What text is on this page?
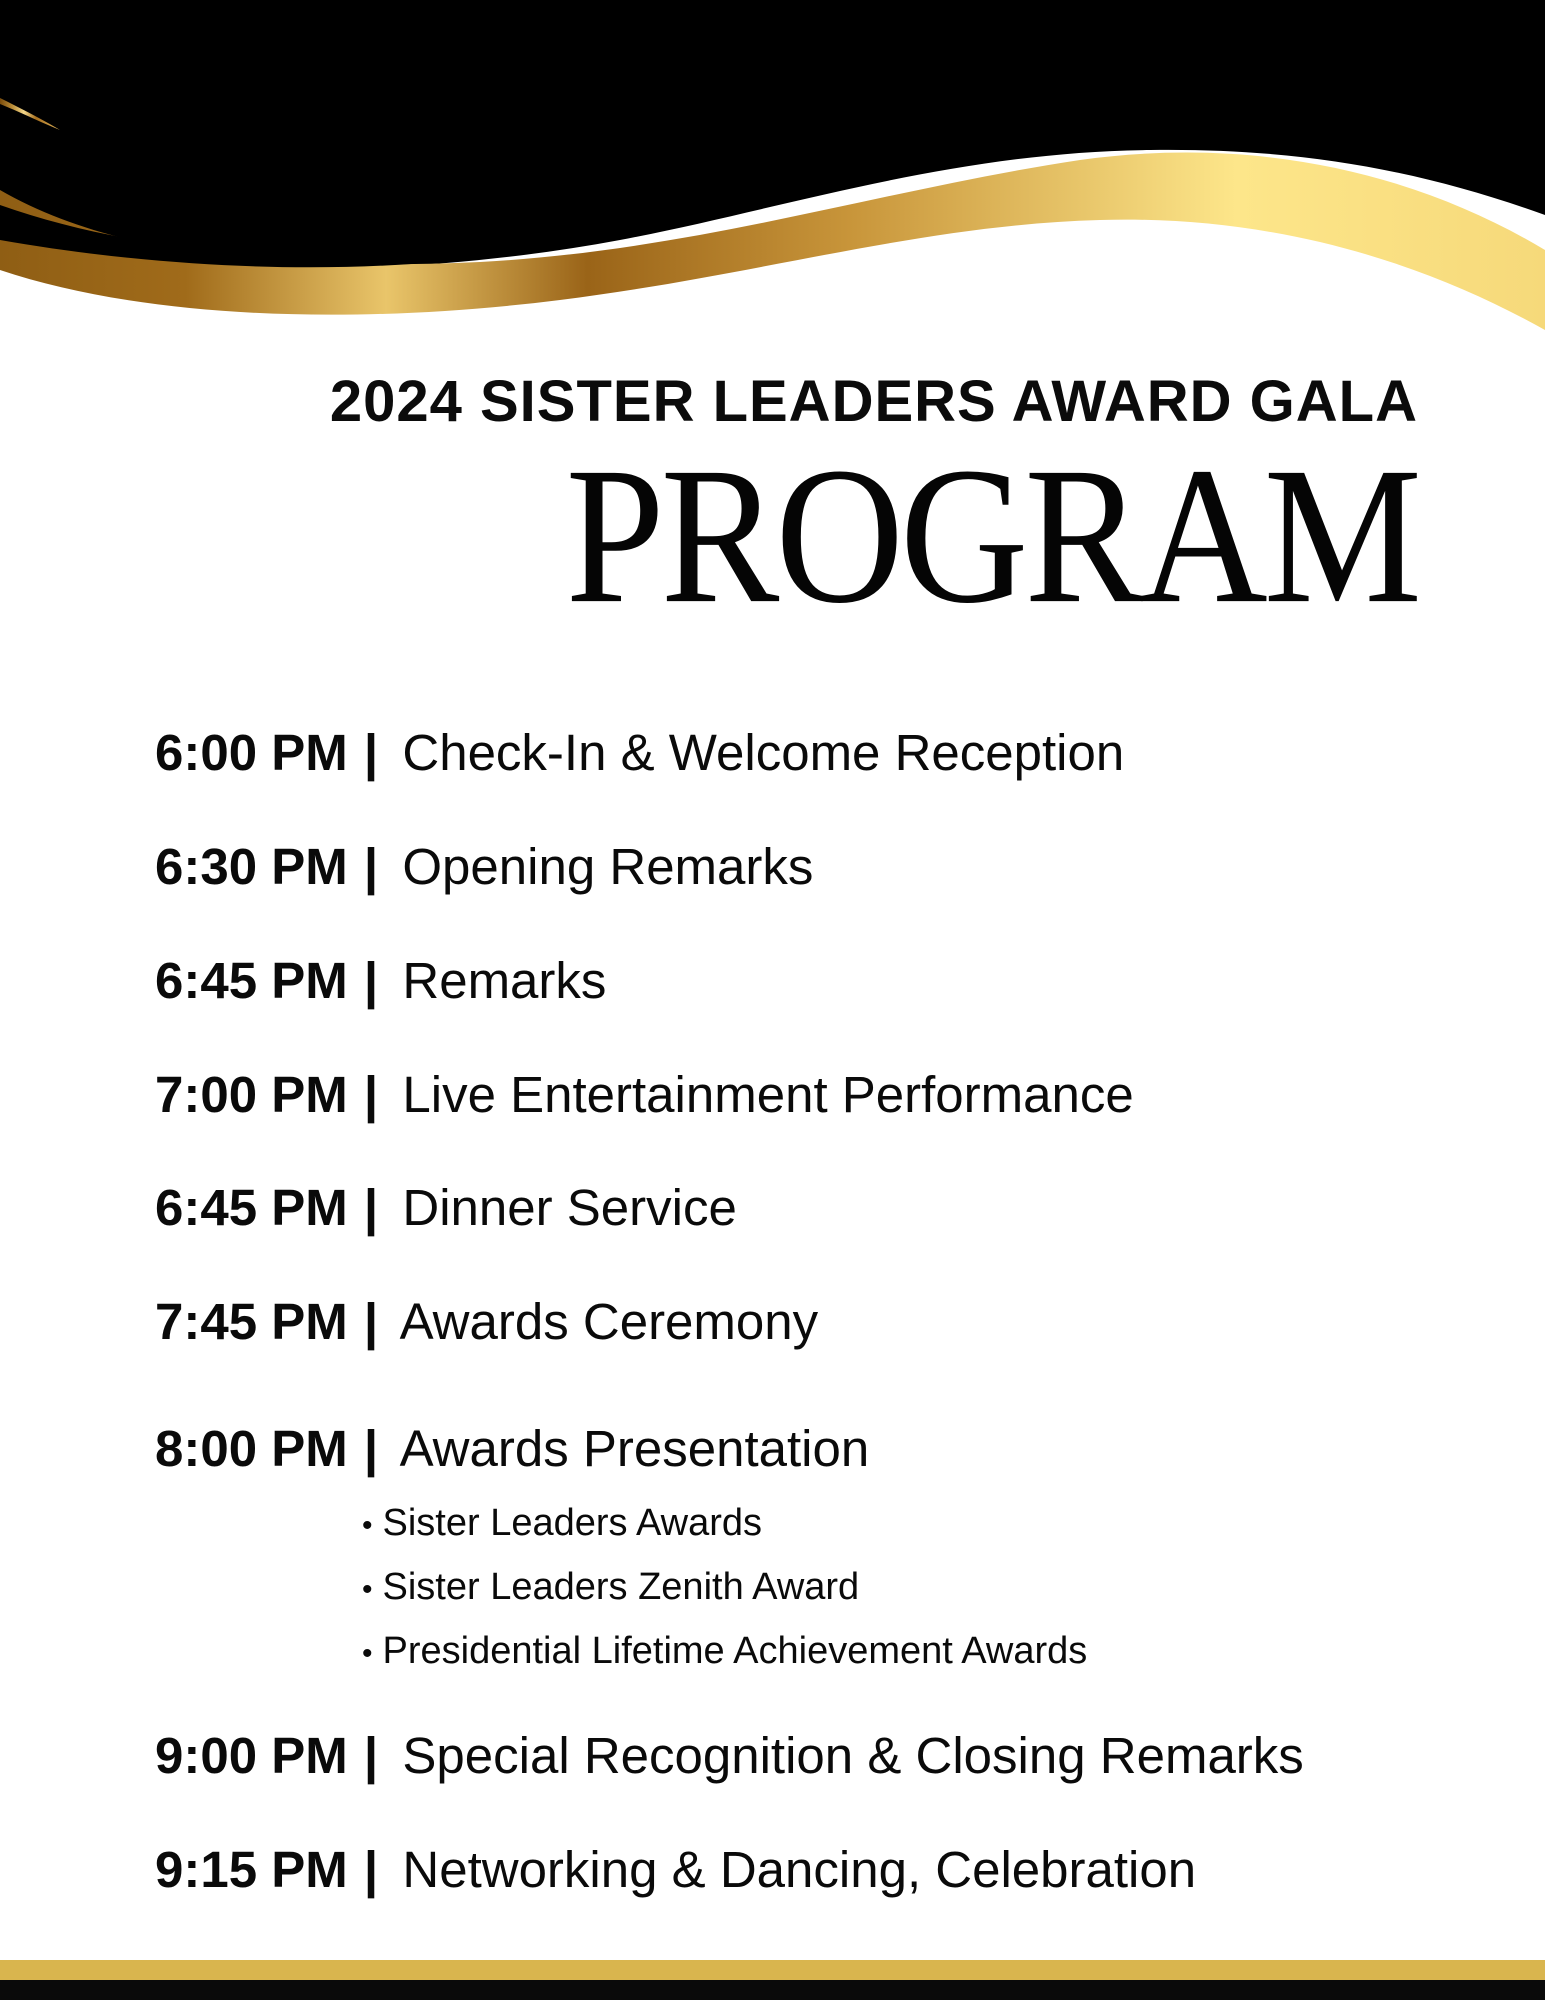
2024 SISTER LEADERS AWARD GALA
PROGRAM
6:00 PM | Check-In & Welcome Reception
6:30 PM | Opening Remarks
6:45 PM | Remarks
7:00 PM | Live Entertainment Performance
6:45 PM | Dinner Service
7:45 PM | Awards Ceremony
8:00 PM | Awards Presentation
• Sister Leaders Awards
• Sister Leaders Zenith Award
• Presidential Lifetime Achievement Awards
9:00 PM | Special Recognition & Closing Remarks
9:15 PM | Networking & Dancing, Celebration
